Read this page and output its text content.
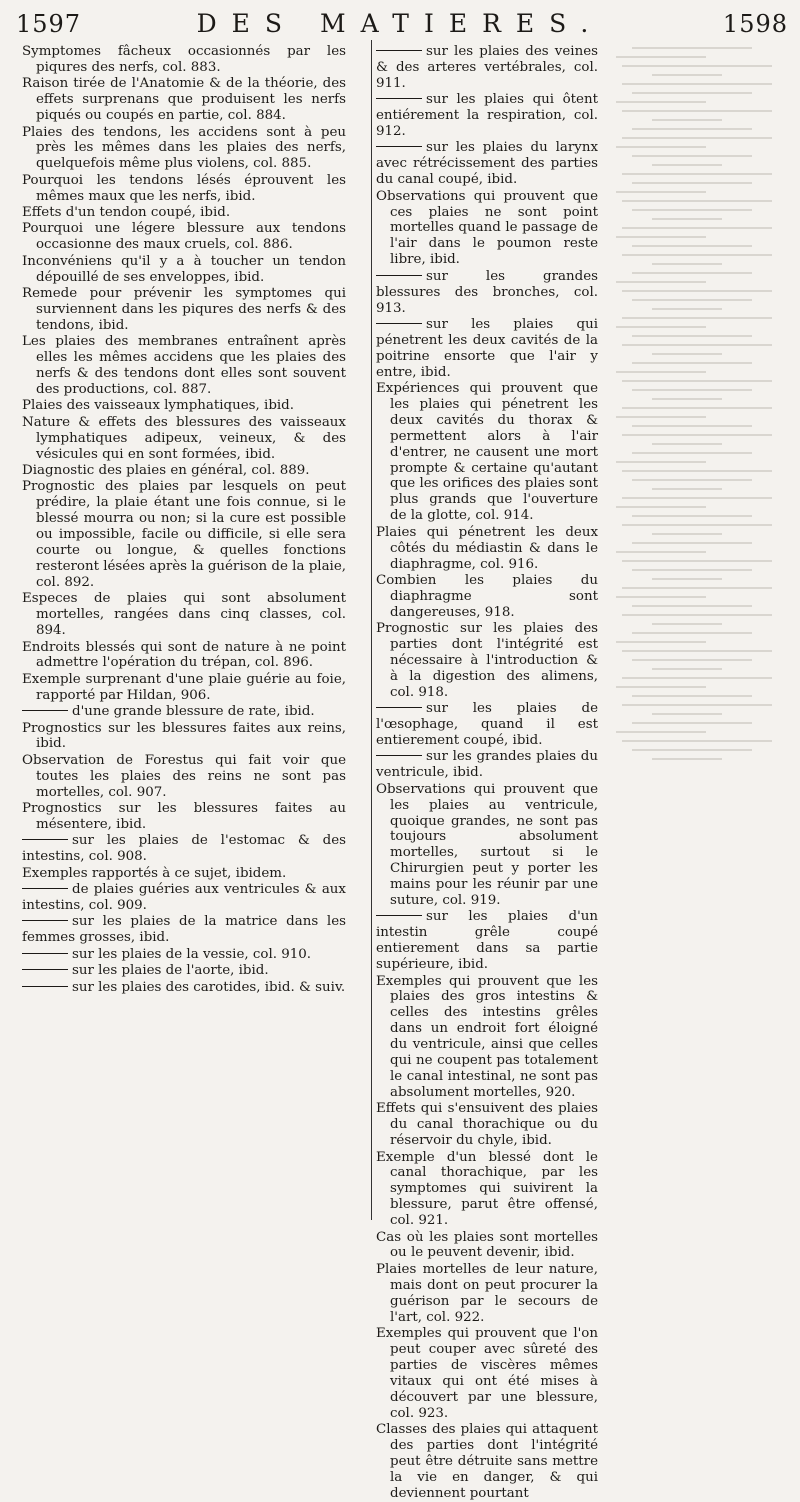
1597	DES MATIERES.	1598

Symptomes fâcheux occasionnés par les piqures des nerfs, col. 883.

Raison tirée de l'Anatomie & de la théorie, des effets surprenans que produisent les nerfs piqués ou coupés en partie, col. 884.

Plaies des tendons, les accidens sont à peu près les mêmes dans les plaies des nerfs, quelquefois même plus violens, col. 885.

Pourquoi les tendons lésés éprouvent les mêmes maux que les nerfs, ibid.

Effets d'un tendon coupé, ibid.

Pourquoi une légere blessure aux tendons occasionne des maux cruels, col. 886.

Inconvéniens qu'il y a à toucher un tendon dépouillé de ses enveloppes, ibid.

Remede pour prévenir les symptomes qui surviennent dans les piqures des nerfs & des tendons, ibid.

Les plaies des membranes entraînent après elles les mêmes accidens que les plaies des nerfs & des tendons dont elles sont souvent des productions, col. 887.

Plaies des vaisseaux lymphatiques, ibid.

Nature & effets des blessures des vaisseaux lymphatiques adipeux, veineux, & des vésicules qui en sont formées, ibid.

Diagnostic des plaies en général, col. 889.

Prognostic des plaies par lesquels on peut prédire, la plaie étant une fois connue, si le blessé mourra ou non; si la cure est possible ou impossible, facile ou difficile, si elle sera courte ou longue, & quelles fonctions resteront lésées après la guérison de la plaie, col. 892.

Especes de plaies qui sont absolument mortelles, rangées dans cinq classes, col. 894.

Endroits blessés qui sont de nature à ne point admettre l'opération du trépan, col. 896.

Exemple surprenant d'une plaie guérie au foie, rapporté par Hildan, 906.

d'une grande blessure de rate, ibid.

Prognostics sur les blessures faites aux reins, ibid.

Observation de Forestus qui fait voir que toutes les plaies des reins ne sont pas mortelles, col. 907.

Prognostics sur les blessures faites au mésentere, ibid.

sur les plaies de l'estomac & des intestins, col. 908.

Exemples rapportés à ce sujet, ibidem.

de plaies guéries aux ventricules & aux intestins, col. 909.

sur les plaies de la matrice dans les femmes grosses, ibid.

sur les plaies de la vessie, col. 910.

sur les plaies de l'aorte, ibid.

sur les plaies des carotides, ibid. & suiv.

sur les plaies des veines & des arteres vertébrales, col. 911.

sur les plaies qui ôtent entiérement la respiration, col. 912.

sur les plaies du larynx avec rétrécissement des parties du canal coupé, ibid.

Observations qui prouvent que ces plaies ne sont point mortelles quand le passage de l'air dans le poumon reste libre, ibid.

sur les grandes blessures des bronches, col. 913.

sur les plaies qui pénetrent les deux cavités de la poitrine ensorte que l'air y entre, ibid.

Expériences qui prouvent que les plaies qui pénetrent les deux cavités du thorax & permettent alors à l'air d'entrer, ne causent une mort prompte & certaine qu'autant que les orifices des plaies sont plus grands que l'ouverture de la glotte, col. 914.

Plaies qui pénetrent les deux côtés du médiastin & dans le diaphragme, col. 916.

Combien les plaies du diaphragme sont dangereuses, 918.

Prognostic sur les plaies des parties dont l'intégrité est nécessaire à l'introduction & à la digestion des alimens, col. 918.

sur les plaies de l'œsophage, quand il est entierement coupé, ibid.

sur les grandes plaies du ventricule, ibid.

Observations qui prouvent que les plaies au ventricule, quoique grandes, ne sont pas toujours absolument mortelles, surtout si le Chirurgien peut y porter les mains pour les réunir par une suture, col. 919.

sur les plaies d'un intestin grêle coupé entierement dans sa partie supérieure, ibid.

Exemples qui prouvent que les plaies des gros intestins & celles des intestins grêles dans un endroit fort éloigné du ventricule, ainsi que celles qui ne coupent pas totalement le canal intestinal, ne sont pas absolument mortelles, 920.

Effets qui s'ensuivent des plaies du canal thorachique ou du réservoir du chyle, ibid.

Exemple d'un blessé dont le canal thorachique, par les symptomes qui suivirent la blessure, parut être offensé, col. 921.

Cas où les plaies sont mortelles ou le peuvent devenir, ibid.

Plaies mortelles de leur nature, mais dont on peut procurer la guérison par le secours de l'art, col. 922.

Exemples qui prouvent que l'on peut couper avec sûreté des parties de viscères mêmes vitaux qui ont été mises à découvert par une blessure, col. 923.

Classes des plaies qui attaquent des parties dont l'intégrité peut être détruite sans mettre la vie en danger, & qui deviennent pourtant
